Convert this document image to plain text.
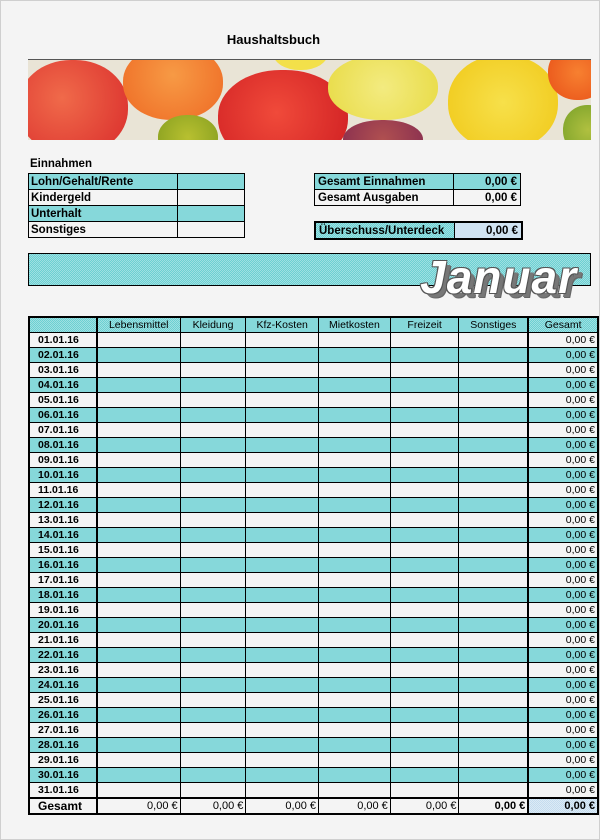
Haushaltsbuch
Einnahmen
Lohn/Gehalt/Rente	
Kindergeld	
Unterhalt	
Sonstiges	
Gesamt Einnahmen	0,00 €
Gesamt Ausgaben	0,00 €
Überschuss/Unterdeck	0,00 €
Januar
	Lebensmittel	Kleidung	Kfz-Kosten	Mietkosten	Freizeit	Sonstiges	Gesamt
01.01.16							0,00 €
02.01.16							0,00 €
03.01.16							0,00 €
04.01.16							0,00 €
05.01.16							0,00 €
06.01.16							0,00 €
07.01.16							0,00 €
08.01.16							0,00 €
09.01.16							0,00 €
10.01.16							0,00 €
11.01.16							0,00 €
12.01.16							0,00 €
13.01.16							0,00 €
14.01.16							0,00 €
15.01.16							0,00 €
16.01.16							0,00 €
17.01.16							0,00 €
18.01.16							0,00 €
19.01.16							0,00 €
20.01.16							0,00 €
21.01.16							0,00 €
22.01.16							0,00 €
23.01.16							0,00 €
24.01.16							0,00 €
25.01.16							0,00 €
26.01.16							0,00 €
27.01.16							0,00 €
28.01.16							0,00 €
29.01.16							0,00 €
30.01.16							0,00 €
31.01.16							0,00 €
Gesamt	0,00 €	0,00 €	0,00 €	0,00 €	0,00 €	0,00 €	0,00 €
